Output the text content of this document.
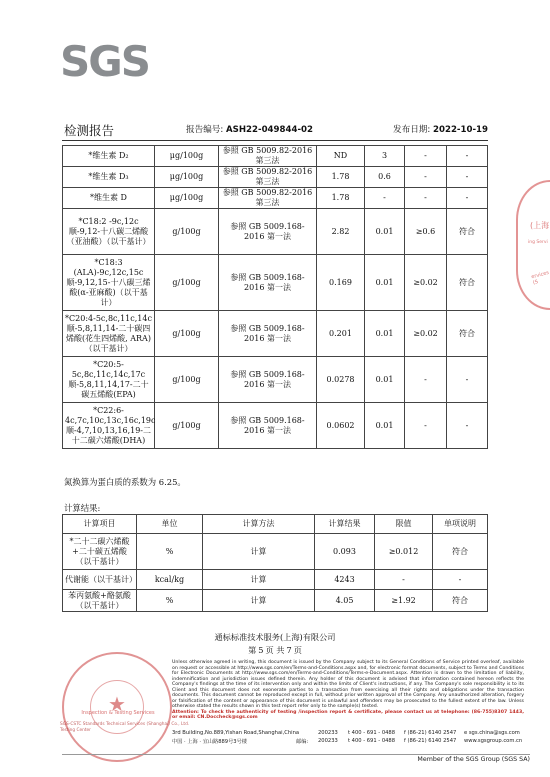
SGS
检测报告	报告编号: ASH22-049844-02	发布日期: 2022-10-19
*维生素 D₂	μg/100g	参照 GB 5009.82-2016 第三法	ND	3	-	-
*维生素 D₃	μg/100g	参照 GB 5009.82-2016 第三法	1.78	0.6	-	-
*维生素 D	μg/100g	参照 GB 5009.82-2016 第三法	1.78	-	-	-
*C18:2 -9c,12c 顺-9,12-十八碳二烯酸（亚油酸）（以干基计）	g/100g	参照 GB 5009.168-2016 第一法	2.82	0.01	≥0.6	符合
*C18:3 (ALA)-9c,12c,15c 顺-9,12,15-十八碳三烯酸(α-亚麻酸)（以干基计）	g/100g	参照 GB 5009.168-2016 第一法	0.169	0.01	≥0.02	符合
*C20:4-5c,8c,11c,14c 顺-5,8,11,14-二十碳四烯酸(花生四烯酸, ARA)（以干基计）	g/100g	参照 GB 5009.168-2016 第一法	0.201	0.01	≥0.02	符合
*C20:5-5c,8c,11c,14c,17c 顺-5,8,11,14,17-二十碳五烯酸(EPA)	g/100g	参照 GB 5009.168-2016 第一法	0.0278	0.01	-	-
*C22:6-4c,7c,10c,13c,16c,19c 顺-4,7,10,13,16,19-二十二碳六烯酸(DHA)	g/100g	参照 GB 5009.168-2016 第一法	0.0602	0.01	-	-
氮换算为蛋白质的系数为 6.25。
计算结果:
计算项目	单位	计算方法	计算结果	限值	单项说明
*二十二碳六烯酸+二十碳五烯酸（以干基计）	%	计算	0.093	≥0.012	符合
代谢能（以干基计）	kcal/kg	计算	4243	-	-
苯丙氨酸+酪氨酸（以干基计）	%	计算	4.05	≥1.92	符合
通标标准技术服务(上海)有限公司
第 5 页 共 7 页
★
Inspection & Testing Services
SGS-CSTC Standards Technical Services (Shanghai) Co., Ltd.
Testing Center
Unless otherwise agreed in writing, this document is issued by the Company subject to its General Conditions of Service printed overleaf, available on request or accessible at http://www.sgs.com/en/Terms-and-Conditions.aspx and, for electronic format documents, subject to Terms and Conditions for Electronic Documents at http://www.sgs.com/en/Terms-and-Conditions/Terms-e-Document.aspx. Attention is drawn to the limitation of liability, indemnification and jurisdiction issues defined therein. Any holder of this document is advised that information contained hereon reflects the Company's findings at the time of its intervention only and within the limits of Client's instructions, if any. The Company's sole responsibility is to its Client and this document does not exonerate parties to a transaction from exercising all their rights and obligations under the transaction documents. This document cannot be reproduced except in full, without prior written approval of the Company. Any unauthorized alteration, forgery or falsification of the content or appearance of this document is unlawful and offenders may be prosecuted to the fullest extent of the law. Unless otherwise stated the results shown in this test report refer only to the sample(s) tested.
Attention: To check the authenticity of testing /inspection report & certificate, please contact us at telephone: (86-755)8307 1443, or email: CN.Doccheck@sgs.com
3rd Building,No.889,Yishan Road,Shanghai,China	200233 t 400 - 691 - 0488 f (86-21) 6140 2547 e sgs.china@sgs.com
中国 · 上海 · 宜山路889号3号楼	邮编: 200233 t 400 - 691 - 0488 f (86-21) 6140 2547 www.sgsgroup.com.cn
Member of the SGS Group (SGS SA)
(上海
ing Servi
ervices (S
